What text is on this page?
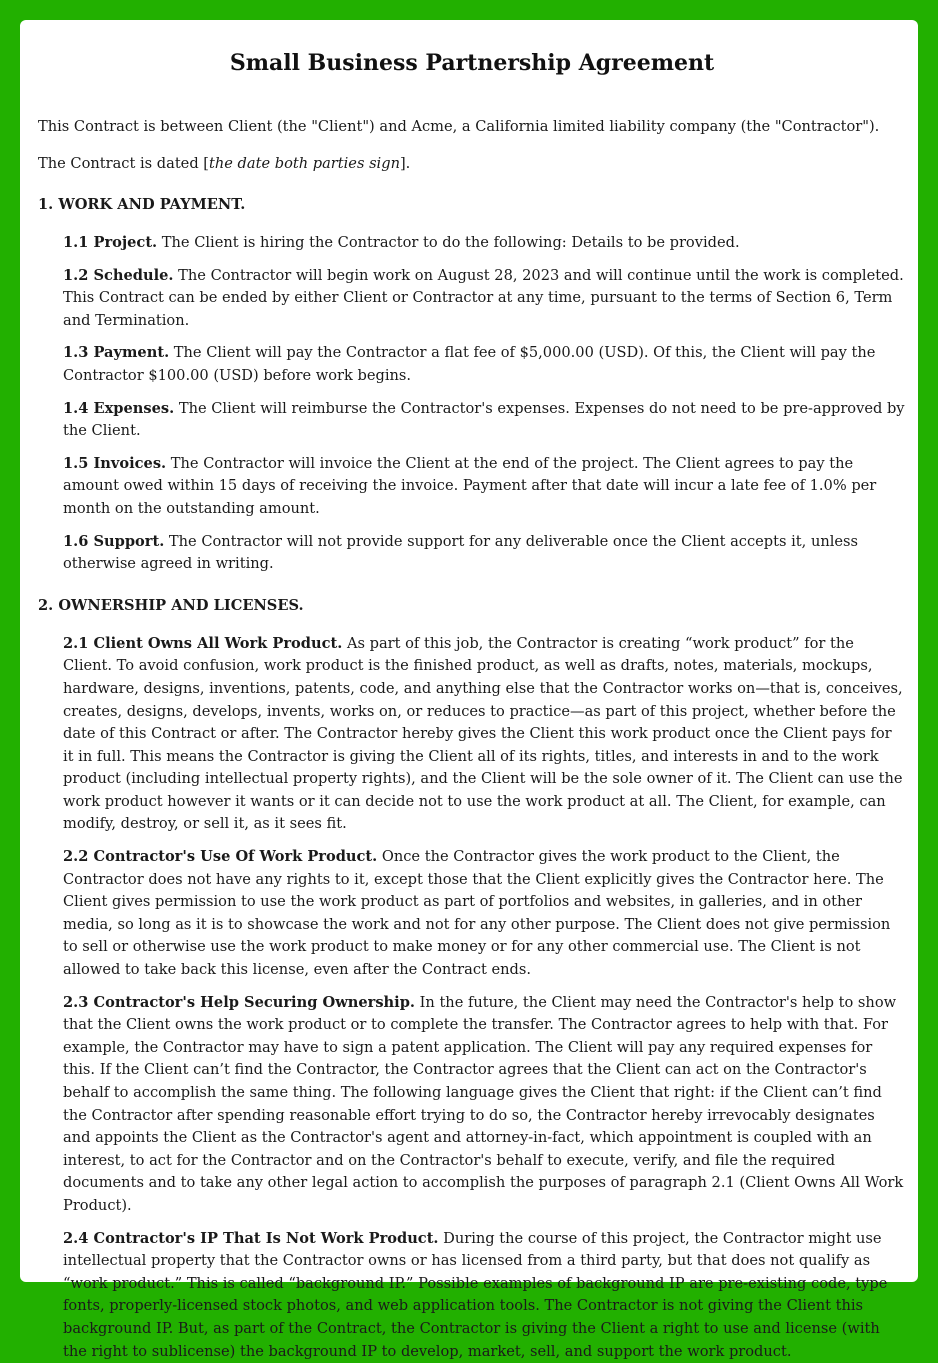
Small Business Partnership Agreement

This Contract is between Client (the "Client") and Acme, a California limited liability company (the "Contractor").

The Contract is dated [the date both parties sign].

1. WORK AND PAYMENT.

1.1 Project. The Client is hiring the Contractor to do the following: Details to be provided.

1.2 Schedule. The Contractor will begin work on August 28, 2023 and will continue until the work is completed. This Contract can be ended by either Client or Contractor at any time, pursuant to the terms of Section 6, Term and Termination.

1.3 Payment. The Client will pay the Contractor a flat fee of $5,000.00 (USD). Of this, the Client will pay the Contractor $100.00 (USD) before work begins.

1.4 Expenses. The Client will reimburse the Contractor's expenses. Expenses do not need to be pre-approved by the Client.

1.5 Invoices. The Contractor will invoice the Client at the end of the project. The Client agrees to pay the amount owed within 15 days of receiving the invoice. Payment after that date will incur a late fee of 1.0% per month on the outstanding amount.

1.6 Support. The Contractor will not provide support for any deliverable once the Client accepts it, unless otherwise agreed in writing.

2. OWNERSHIP AND LICENSES.

2.1 Client Owns All Work Product. As part of this job, the Contractor is creating “work product” for the Client. To avoid confusion, work product is the finished product, as well as drafts, notes, materials, mockups, hardware, designs, inventions, patents, code, and anything else that the Contractor works on—that is, conceives, creates, designs, develops, invents, works on, or reduces to practice—as part of this project, whether before the date of this Contract or after. The Contractor hereby gives the Client this work product once the Client pays for it in full. This means the Contractor is giving the Client all of its rights, titles, and interests in and to the work product (including intellectual property rights), and the Client will be the sole owner of it. The Client can use the work product however it wants or it can decide not to use the work product at all. The Client, for example, can modify, destroy, or sell it, as it sees fit.

2.2 Contractor's Use Of Work Product. Once the Contractor gives the work product to the Client, the Contractor does not have any rights to it, except those that the Client explicitly gives the Contractor here. The Client gives permission to use the work product as part of portfolios and websites, in galleries, and in other media, so long as it is to showcase the work and not for any other purpose. The Client does not give permission to sell or otherwise use the work product to make money or for any other commercial use. The Client is not allowed to take back this license, even after the Contract ends.

2.3 Contractor's Help Securing Ownership. In the future, the Client may need the Contractor's help to show that the Client owns the work product or to complete the transfer. The Contractor agrees to help with that. For example, the Contractor may have to sign a patent application. The Client will pay any required expenses for this. If the Client can’t find the Contractor, the Contractor agrees that the Client can act on the Contractor's behalf to accomplish the same thing. The following language gives the Client that right: if the Client can’t find the Contractor after spending reasonable effort trying to do so, the Contractor hereby irrevocably designates and appoints the Client as the Contractor's agent and attorney-in-fact, which appointment is coupled with an interest, to act for the Contractor and on the Contractor's behalf to execute, verify, and file the required documents and to take any other legal action to accomplish the purposes of paragraph 2.1 (Client Owns All Work Product).

2.4 Contractor's IP That Is Not Work Product. During the course of this project, the Contractor might use intellectual property that the Contractor owns or has licensed from a third party, but that does not qualify as “work product.” This is called “background IP.” Possible examples of background IP are pre-existing code, type fonts, properly-licensed stock photos, and web application tools. The Contractor is not giving the Client this background IP. But, as part of the Contract, the Contractor is giving the Client a right to use and license (with the right to sublicense) the background IP to develop, market, sell, and support the work product.
